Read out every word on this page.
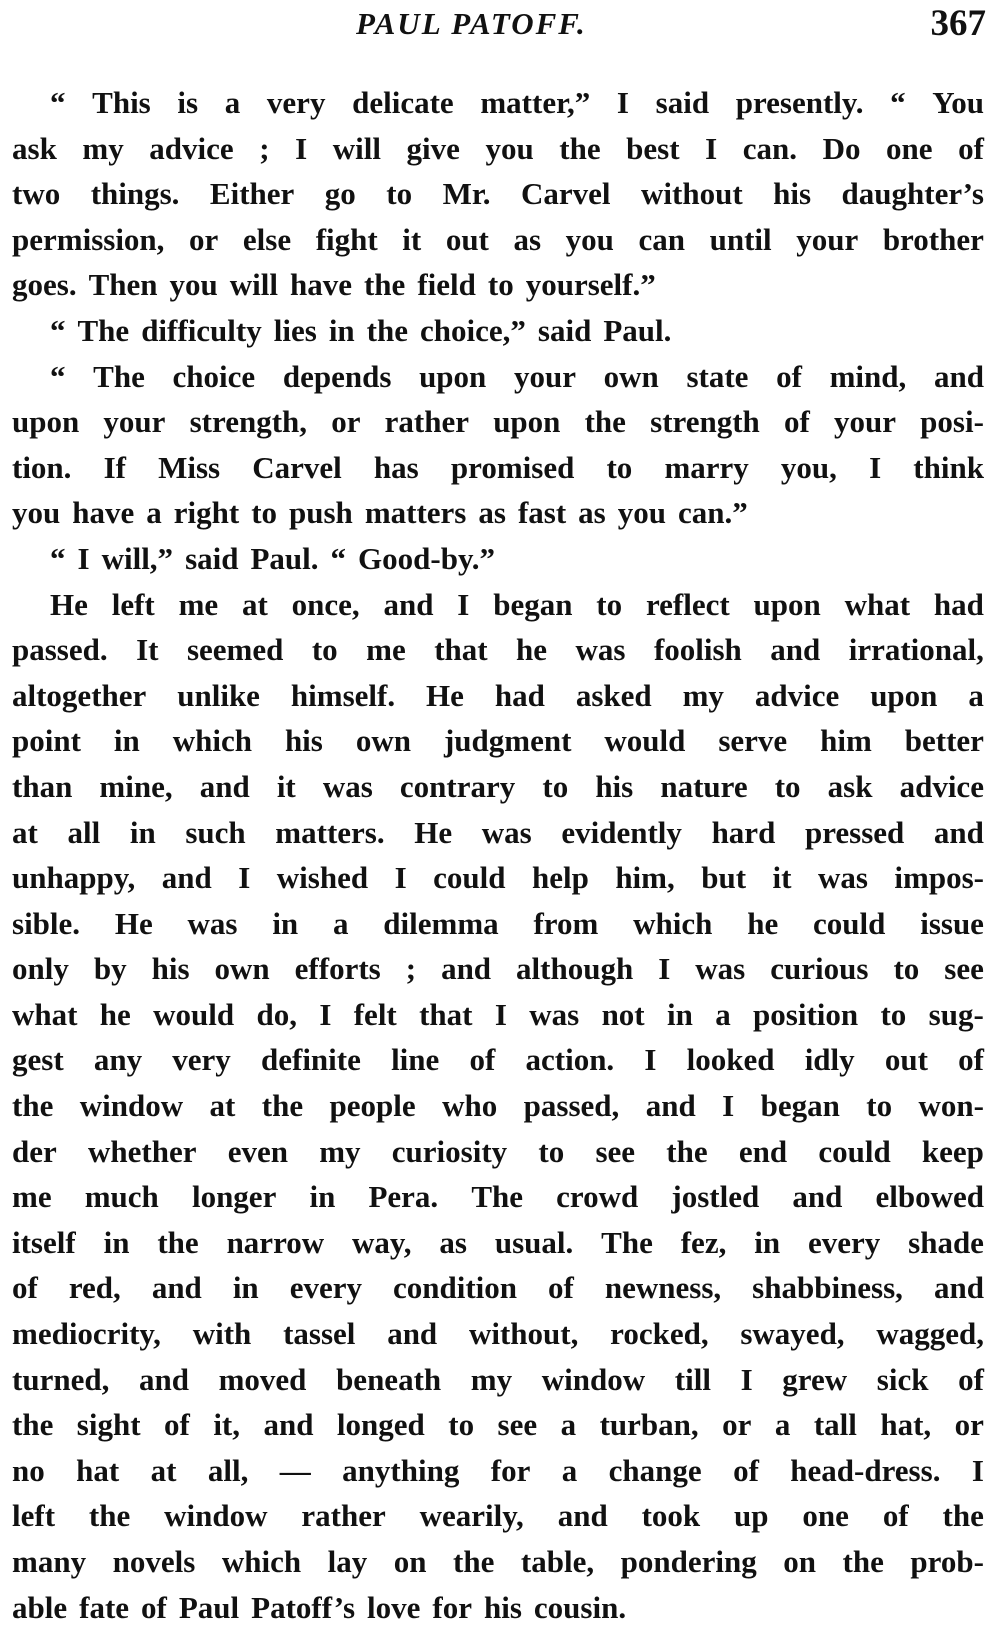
PAUL PATOFF.	367
“ This is a very delicate matter,” I said presently. “ You
ask my advice ; I will give you the best I can. Do one of
two things. Either go to Mr. Carvel without his daughter’s
permission, or else fight it out as you can until your brother
goes. Then you will have the field to yourself.”
“ The difficulty lies in the choice,” said Paul.
“ The choice depends upon your own state of mind, and
upon your strength, or rather upon the strength of your posi-
tion. If Miss Carvel has promised to marry you, I think
you have a right to push matters as fast as you can.”
“ I will,” said Paul. “ Good-by.”
He left me at once, and I began to reflect upon what had
passed. It seemed to me that he was foolish and irrational,
altogether unlike himself. He had asked my advice upon a
point in which his own judgment would serve him better
than mine, and it was contrary to his nature to ask advice
at all in such matters. He was evidently hard pressed and
unhappy, and I wished I could help him, but it was impos-
sible. He was in a dilemma from which he could issue
only by his own efforts ; and although I was curious to see
what he would do, I felt that I was not in a position to sug-
gest any very definite line of action. I looked idly out of
the window at the people who passed, and I began to won-
der whether even my curiosity to see the end could keep
me much longer in Pera. The crowd jostled and elbowed
itself in the narrow way, as usual. The fez, in every shade
of red, and in every condition of newness, shabbiness, and
mediocrity, with tassel and without, rocked, swayed, wagged,
turned, and moved beneath my window till I grew sick of
the sight of it, and longed to see a turban, or a tall hat, or
no hat at all, — anything for a change of head-dress. I
left the window rather wearily, and took up one of the
many novels which lay on the table, pondering on the prob-
able fate of Paul Patoff’s love for his cousin.
